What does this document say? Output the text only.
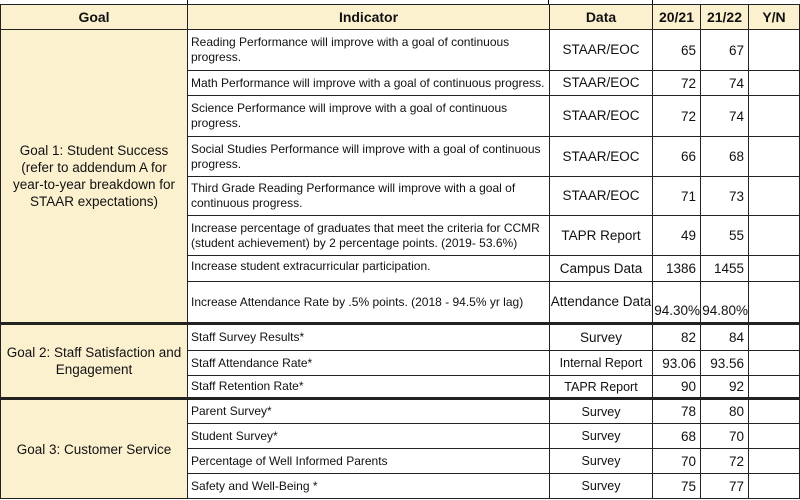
Goal	Indicator	Data	20/21	21/22	Y/N
Goal 1: Student Success (refer to addendum A for year-to-year breakdown for STAAR expectations)	Reading Performance will improve with a goal of continuous progress.	STAAR/EOC	65	67	
	Math Performance will improve with a goal of continuous progress.	STAAR/EOC	72	74	
	Science Performance will improve with a goal of continuous progress.	STAAR/EOC	72	74	
	Social Studies Performance will improve with a goal of continuous progress.	STAAR/EOC	66	68	
	Third Grade Reading Performance will improve with a goal of continuous progress.	STAAR/EOC	71	73	
	Increase percentage of graduates that meet the criteria for CCMR (student achievement) by 2 percentage points. (2019- 53.6%)	TAPR Report	49	55	
	Increase student extracurricular participation.	Campus Data	1386	1455	
	Increase Attendance Rate by .5% points. (2018 - 94.5% yr lag)	Attendance Data	94.30%	94.80%	
Goal 2: Staff Satisfaction and Engagement	Staff Survey Results*	Survey	82	84	
	Staff Attendance Rate*	Internal Report	93.06	93.56	
	Staff Retention Rate*	TAPR Report	90	92	
Goal 3: Customer Service	Parent Survey*	Survey	78	80	
	Student Survey*	Survey	68	70	
	Percentage of Well Informed Parents	Survey	70	72	
	Safety and Well-Being *	Survey	75	77	
